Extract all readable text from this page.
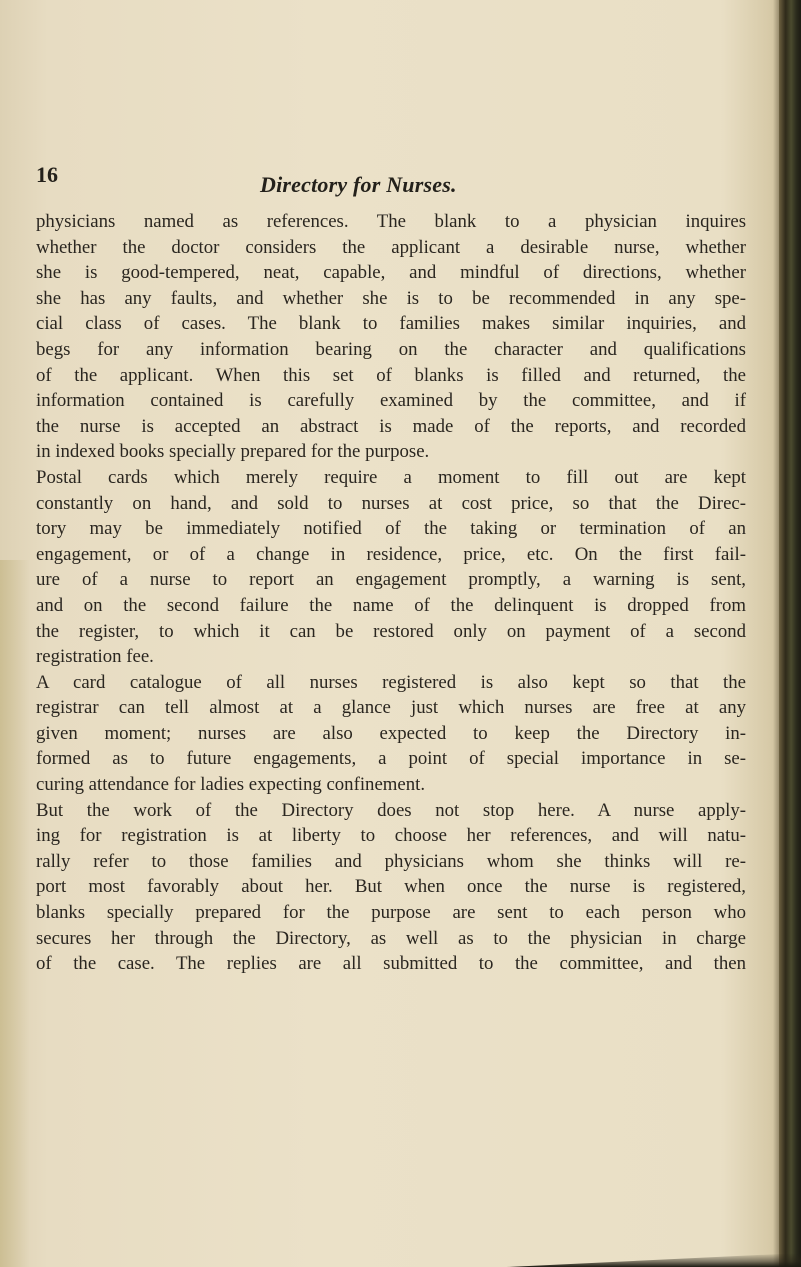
16	Directory for Nurses.
physicians named as references. The blank to a physician inquires
whether the doctor considers the applicant a desirable nurse, whether
she is good-tempered, neat, capable, and mindful of directions, whether
she has any faults, and whether she is to be recommended in any spe-
cial class of cases. The blank to families makes similar inquiries, and
begs for any information bearing on the character and qualifications
of the applicant. When this set of blanks is filled and returned, the
information contained is carefully examined by the committee, and if
the nurse is accepted an abstract is made of the reports, and recorded
in indexed books specially prepared for the purpose.
Postal cards which merely require a moment to fill out are kept
constantly on hand, and sold to nurses at cost price, so that the Direc-
tory may be immediately notified of the taking or termination of an
engagement, or of a change in residence, price, etc. On the first fail-
ure of a nurse to report an engagement promptly, a warning is sent,
and on the second failure the name of the delinquent is dropped from
the register, to which it can be restored only on payment of a second
registration fee.
A card catalogue of all nurses registered is also kept so that the
registrar can tell almost at a glance just which nurses are free at any
given moment; nurses are also expected to keep the Directory in-
formed as to future engagements, a point of special importance in se-
curing attendance for ladies expecting confinement.
But the work of the Directory does not stop here. A nurse apply-
ing for registration is at liberty to choose her references, and will natu-
rally refer to those families and physicians whom she thinks will re-
port most favorably about her. But when once the nurse is registered,
blanks specially prepared for the purpose are sent to each person who
secures her through the Directory, as well as to the physician in charge
of the case. The replies are all submitted to the committee, and then
